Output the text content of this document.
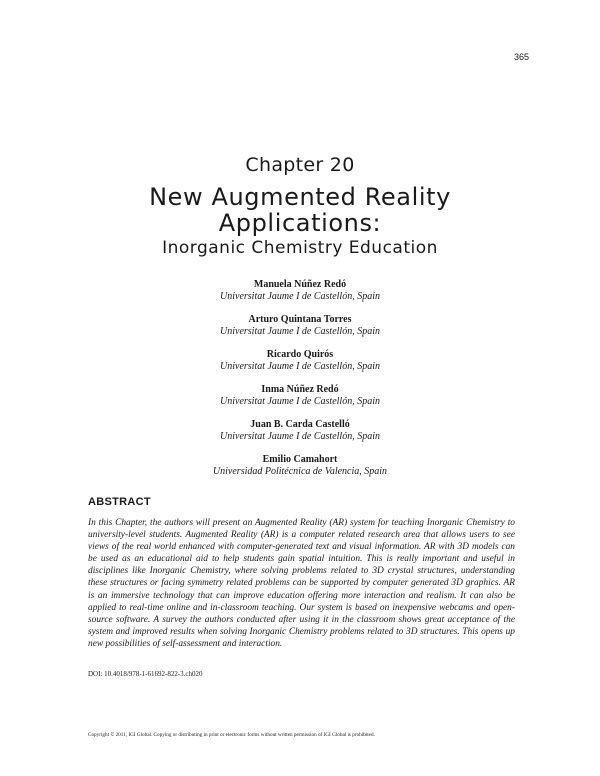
365
Chapter 20
New Augmented Reality
Applications:
Inorganic Chemistry Education
Manuela Núñez Redó
Universitat Jaume I de Castellón, Spain
Arturo Quintana Torres
Universitat Jaume I de Castellón, Spain
Ricardo Quirós
Universitat Jaume I de Castellón, Spain
Inma Núñez Redó
Universitat Jaume I de Castellón, Spain
Juan B. Carda Castelló
Universitat Jaume I de Castellón, Spain
Emilio Camahort
Universidad Politécnica de Valencia, Spain
ABSTRACT
In this Chapter, the authors will present an Augmented Reality (AR) system for teaching Inorganic Chemistry to university-level students. Augmented Reality (AR) is a computer related research area that allows users to see views of the real world enhanced with computer-generated text and visual information. AR with 3D models can be used as an educational aid to help students gain spatial intuition. This is really important and useful in disciplines like Inorganic Chemistry, where solving problems related to 3D crystal structures, understanding these structures or facing symmetry related problems can be supported by computer generated 3D graphics. AR is an immersive technology that can improve education offering more interaction and realism. It can also be applied to real-time online and in-classroom teaching. Our system is based on inexpensive webcams and open-source software. A survey the authors conducted after using it in the classroom shows great acceptance of the system and improved results when solving Inorganic Chemistry problems related to 3D structures. This opens up new possibilities of self-assessment and interaction.
DOI: 10.4018/978-1-61692-822-3.ch020
Copyright © 2011, IGI Global. Copying or distributing in print or electronic forms without written permission of IGI Global is prohibited.
